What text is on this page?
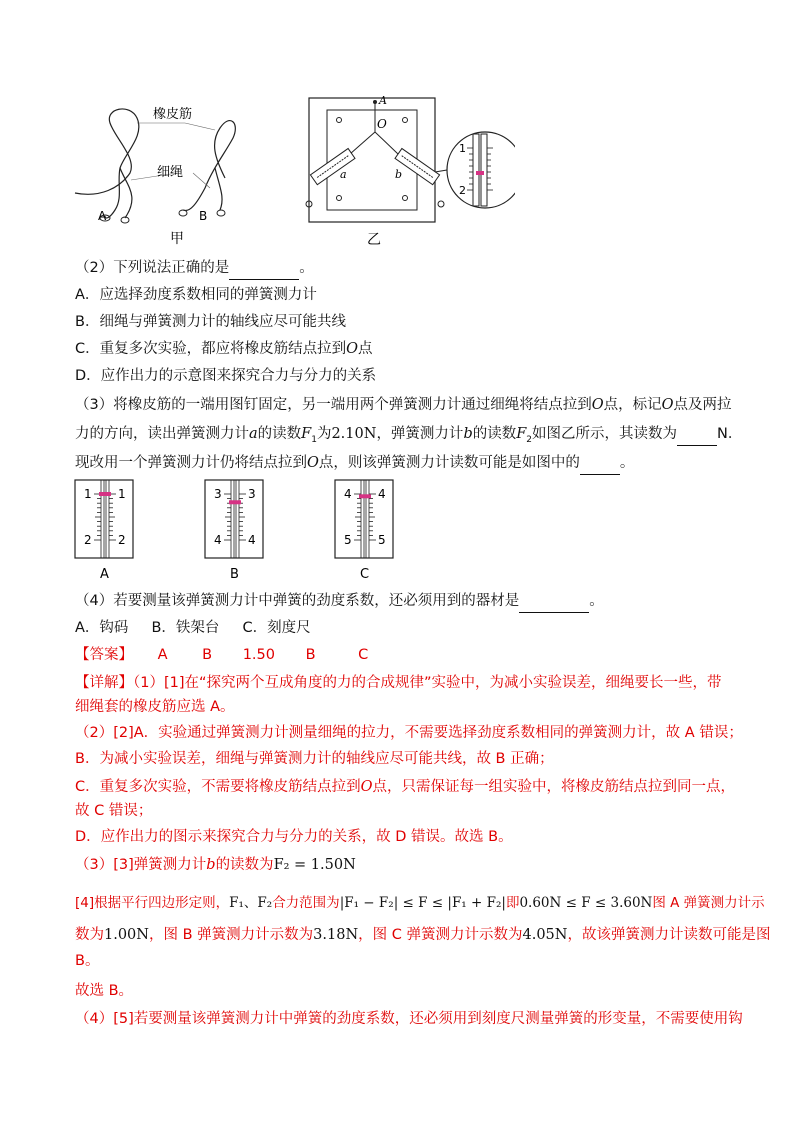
橡皮筋
细绳
A	B
甲
A
O
a	b
1
2
乙
（2）下列说法正确的是	。
A．应选择劲度系数相同的弹簧测力计
B．细绳与弹簧测力计的轴线应尽可能共线
C．重复多次实验，都应将橡皮筋结点拉到O点
D．应作出力的示意图来探究合力与分力的关系
（3）将橡皮筋的一端用图钉固定，另一端用两个弹簧测力计通过细绳将结点拉到O点，标记O点及两拉
力的方向，读出弹簧测力计a的读数$F_1$为2.10N，弹簧测力计b的读数$F_2$如图乙所示，其读数为	N．
现改用一个弹簧测力计仍将结点拉到O点，则该弹簧测力计读数可能是如图中的	。
1 1
2 2
A
3 3
4 4
B
4 4
5 5
C
（4）若要测量该弹簧测力计中弹簧的劲度系数，还必须用到的器材是	。
A．钩码     B．铁架台     C．刻度尺
【答案】 A B 1.50 B	C
【详解】（1）[1]在“探究两个互成角度的力的合成规律”实验中，为减小实验误差，细绳要长一些，带
细绳套的橡皮筋应选 A。
（2）[2]A．实验通过弹簧测力计测量细绳的拉力，不需要选择劲度系数相同的弹簧测力计，故 A 错误；
B．为减小实验误差，细绳与弹簧测力计的轴线应尽可能共线，故 B 正确；
C．重复多次实验，不需要将橡皮筋结点拉到O点，只需保证每一组实验中，将橡皮筋结点拉到同一点，
故 C 错误；
D．应作出力的图示来探究合力与分力的关系，故 D 错误。故选 B。
（3）[3]弹簧测力计b的读数为F₂ = 1.50N
[4]根据平行四边形定则，F₁、F₂合力范围为|F₁ − F₂| ≤ F ≤ |F₁ + F₂|即0.60N ≤ F ≤ 3.60N图 A 弹簧测力计示
数为1.00N，图 B 弹簧测力计示数为3.18N，图 C 弹簧测力计示数为4.05N，故该弹簧测力计读数可能是图
B。
故选 B。
（4）[5]若要测量该弹簧测力计中弹簧的劲度系数，还必须用到刻度尺测量弹簧的形变量，不需要使用钩
